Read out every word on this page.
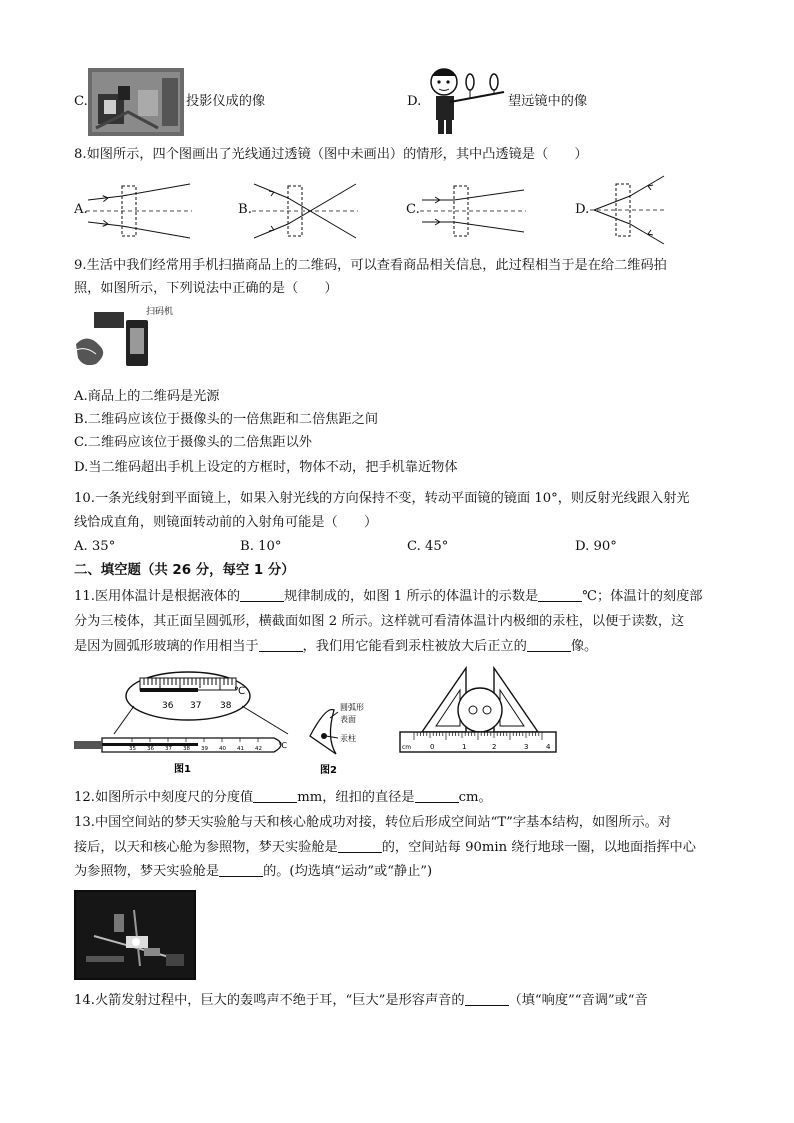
C.	投影仪成的像	D.	望远镜中的像
8.如图所示，四个图画出了光线通过透镜（图中未画出）的情形，其中凸透镜是（　　）
A.	B.	C.	D.
9.生活中我们经常用手机扫描商品上的二维码，可以查看商品相关信息，此过程相当于是在给二维码拍
照，如图所示，下列说法中正确的是（　　）
扫码机
A.商品上的二维码是光源
B.二维码应该位于摄像头的一倍焦距和二倍焦距之间
C.二维码应该位于摄像头的二倍焦距以外
D.当二维码超出手机上设定的方框时，物体不动，把手机靠近物体
10.一条光线射到平面镜上，如果入射光线的方向保持不变，转动平面镜的镜面 10°，则反射光线跟入射光
线恰成直角，则镜面转动前的入射角可能是（　　）
A. 35°	B. 10°	C. 45°	D. 90°
二、填空题（共 26 分，每空 1 分）
11.医用体温计是根据液体的	规律制成的，如图 1 所示的体温计的示数是	℃；体温计的刻度部
分为三棱体，其正面呈圆弧形，横截面如图 2 所示。这样就可看清体温计内极细的汞柱，以便于读数，这
是因为圆弧形玻璃的作用相当于	，我们用它能看到汞柱被放大后正立的	像。
36 37 38
℃
35 36 37 38 39 40 41 42 ℃
图1
圆弧形
表面
汞柱
图2
cm	0	1	2	3	4
12.如图所示中刻度尺的分度值	mm，纽扣的直径是	cm。
13.中国空间站的梦天实验舱与天和核心舱成功对接，转位后形成空间站“T”字基本结构，如图所示。对
接后，以天和核心舱为参照物，梦天实验舱是	的，空间站每 90min 绕行地球一圈，以地面指挥中心
为参照物，梦天实验舱是	的。(均选填“运动”或“静止”)
14.火箭发射过程中，巨大的轰鸣声不绝于耳，“巨大”是形容声音的	（填“响度”“音调”或“音
